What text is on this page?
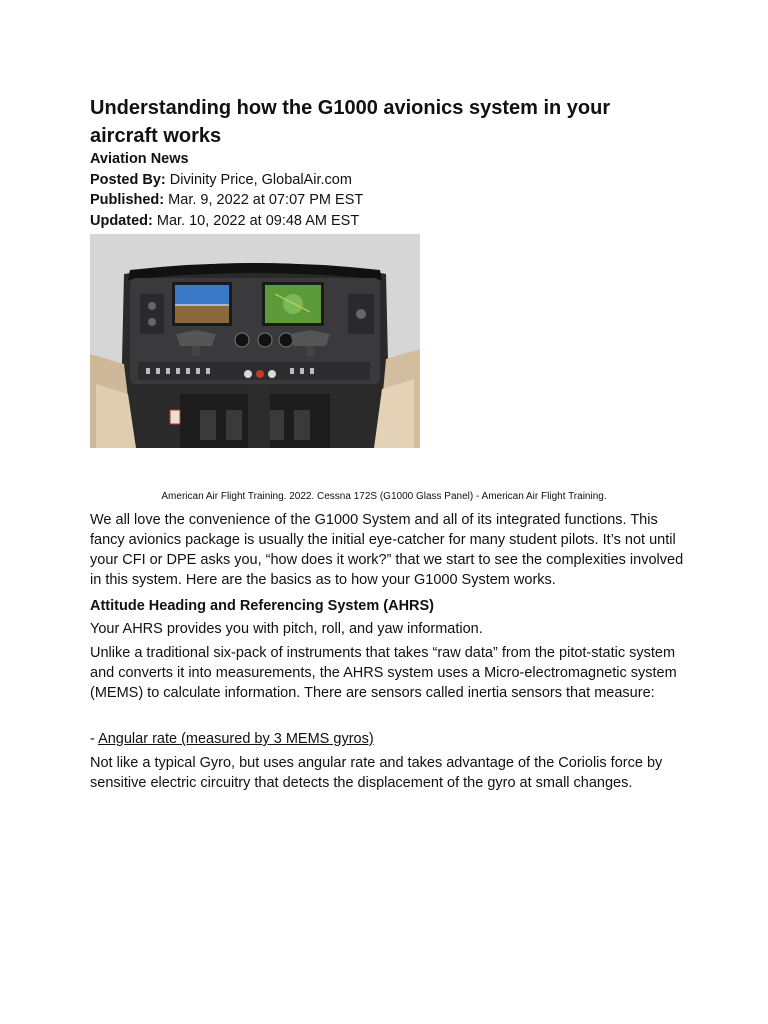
Understanding how the G1000 avionics system in your aircraft works
Aviation News
Posted By: Divinity Price, GlobalAir.com
Published: Mar. 9, 2022 at 07:07 PM EST
Updated: Mar. 10, 2022 at 09:48 AM EST
American Air Flight Training. 2022. Cessna 172S (G1000 Glass Panel) - American Air Flight Training.

We all love the convenience of the G1000 System and all of its integrated functions. This fancy avionics package is usually the initial eye-catcher for many student pilots. It’s not until your CFI or DPE asks you, “how does it work?” that we start to see the complexities involved in this system. Here are the basics as to how your G1000 System works.

Attitude Heading and Referencing System (AHRS)

Your AHRS provides you with pitch, roll, and yaw information.

Unlike a traditional six-pack of instruments that takes “raw data” from the pitot-static system and converts it into measurements, the AHRS system uses a Micro-electromagnetic system (MEMS) to calculate information. There are sensors called inertia sensors that measure:

- Angular rate (measured by 3 MEMS gyros)

Not like a typical Gyro, but uses angular rate and takes advantage of the Coriolis force by sensitive electric circuitry that detects the displacement of the gyro at small changes.
